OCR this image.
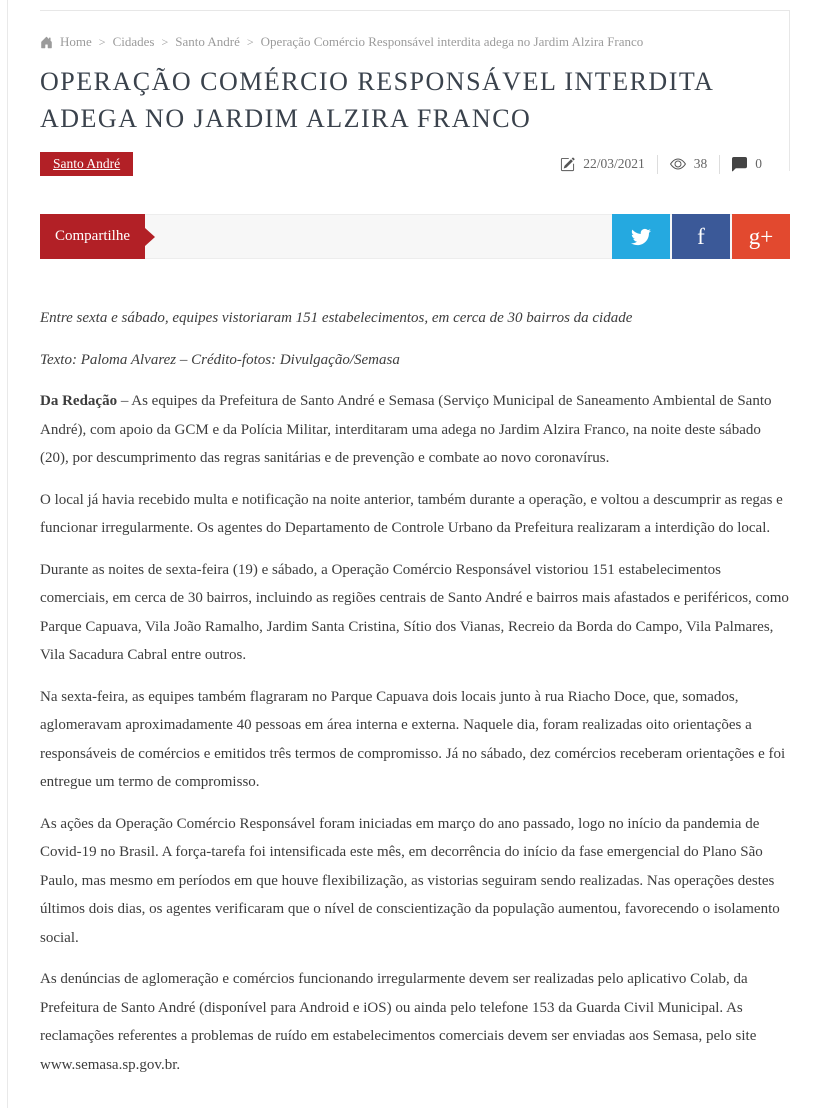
Home > Cidades > Santo André > Operação Comércio Responsável interdita adega no Jardim Alzira Franco
OPERAÇÃO COMÉRCIO RESPONSÁVEL INTERDITA ADEGA NO JARDIM ALZIRA FRANCO
Santo André	22/03/2021	38	0
Compartilhe	f g+

Entre sexta e sábado, equipes vistoriaram 151 estabelecimentos, em cerca de 30 bairros da cidade

Texto: Paloma Alvarez – Crédito-fotos: Divulgação/Semasa

Da Redação – As equipes da Prefeitura de Santo André e Semasa (Serviço Municipal de Saneamento Ambiental de Santo André), com apoio da GCM e da Polícia Militar, interditaram uma adega no Jardim Alzira Franco, na noite deste sábado (20), por descumprimento das regras sanitárias e de prevenção e combate ao novo coronavírus.

O local já havia recebido multa e notificação na noite anterior, também durante a operação, e voltou a descumprir as regas e funcionar irregularmente. Os agentes do Departamento de Controle Urbano da Prefeitura realizaram a interdição do local.

Durante as noites de sexta-feira (19) e sábado, a Operação Comércio Responsável vistoriou 151 estabelecimentos comerciais, em cerca de 30 bairros, incluindo as regiões centrais de Santo André e bairros mais afastados e periféricos, como Parque Capuava, Vila João Ramalho, Jardim Santa Cristina, Sítio dos Vianas, Recreio da Borda do Campo, Vila Palmares, Vila Sacadura Cabral entre outros.

Na sexta-feira, as equipes também flagraram no Parque Capuava dois locais junto à rua Riacho Doce, que, somados, aglomeravam aproximadamente 40 pessoas em área interna e externa. Naquele dia, foram realizadas oito orientações a responsáveis de comércios e emitidos três termos de compromisso. Já no sábado, dez comércios receberam orientações e foi entregue um termo de compromisso.

As ações da Operação Comércio Responsável foram iniciadas em março do ano passado, logo no início da pandemia de Covid-19 no Brasil. A força-tarefa foi intensificada este mês, em decorrência do início da fase emergencial do Plano São Paulo, mas mesmo em períodos em que houve flexibilização, as vistorias seguiram sendo realizadas. Nas operações destes últimos dois dias, os agentes verificaram que o nível de conscientização da população aumentou, favorecendo o isolamento social.

As denúncias de aglomeração e comércios funcionando irregularmente devem ser realizadas pelo aplicativo Colab, da Prefeitura de Santo André (disponível para Android e iOS) ou ainda pelo telefone 153 da Guarda Civil Municipal. As reclamações referentes a problemas de ruído em estabelecimentos comerciais devem ser enviadas aos Semasa, pelo site www.semasa.sp.gov.br.
